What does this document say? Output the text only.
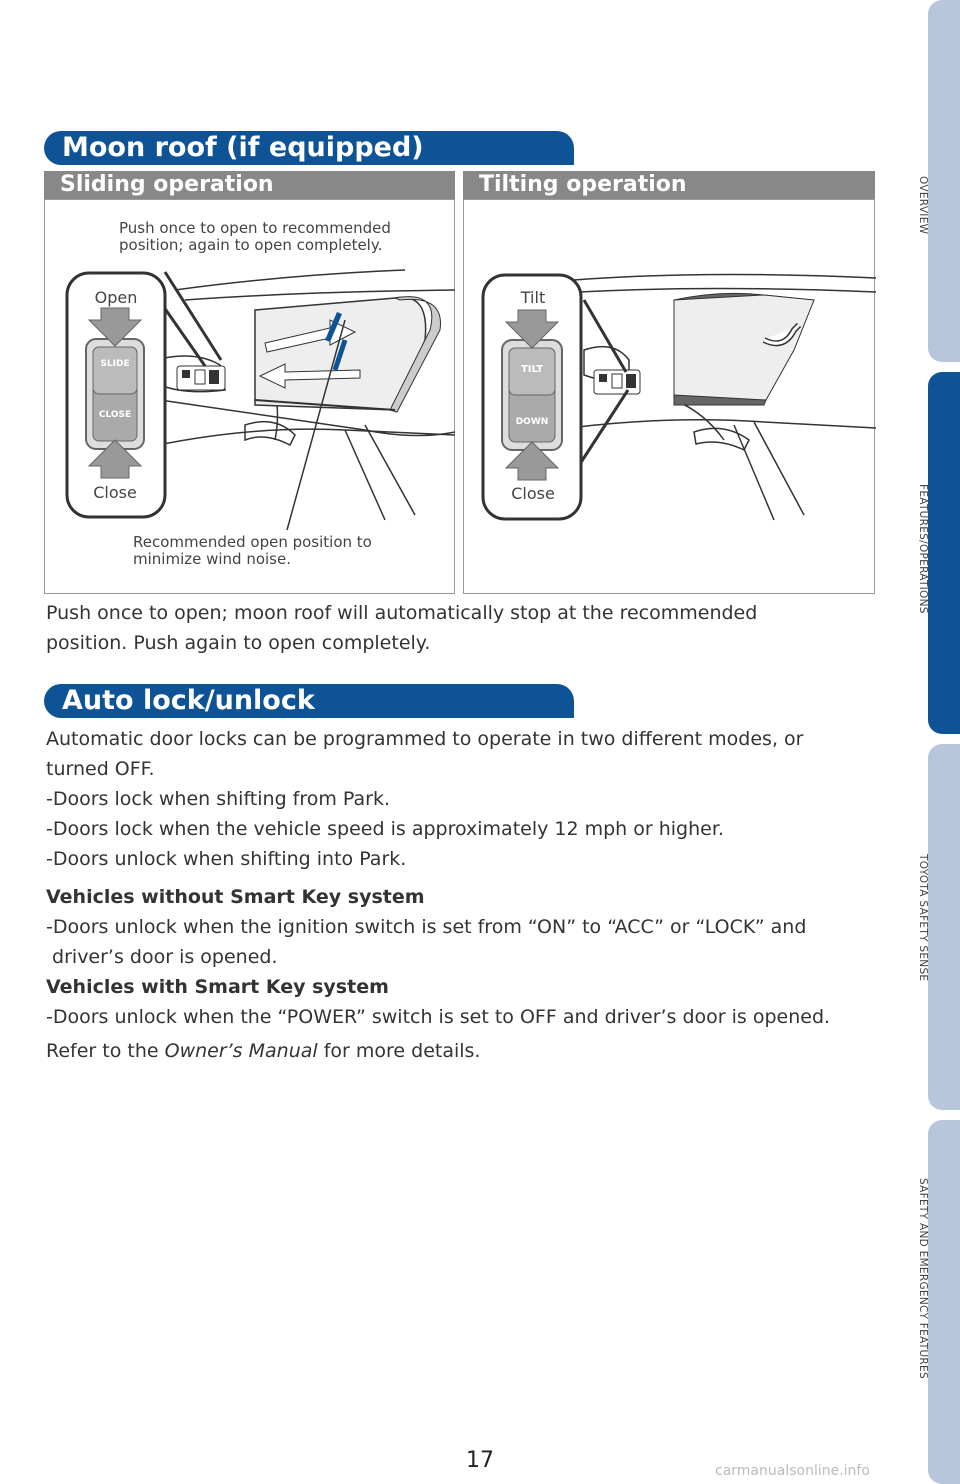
Moon roof (if equipped)
Sliding operation	Tilting operation
SLIDE
CLOSE
Open
Close
Push once to open to recommended
position; again to open completely.
Recommended open position to
minimize wind noise.
TILT
DOWN
Tilt
Close
Push once to open; moon roof will automatically stop at the recommended
position. Push again to open completely.
Auto lock/unlock
Automatic door locks can be programmed to operate in two different modes, or
turned OFF.
-Doors lock when shifting from Park.
-Doors lock when the vehicle speed is approximately 12 mph or higher.
-Doors unlock when shifting into Park.
Vehicles without Smart Key system
-Doors unlock when the ignition switch is set from “ON” to “ACC” or “LOCK” and
driver’s door is opened.
Vehicles with Smart Key system
-Doors unlock when the “POWER” switch is set to OFF and driver’s door is opened.
Refer to the Owner’s Manual for more details.
OVERVIEW
FEATURES/OPERATIONS
TOYOTA SAFETY SENSE
SAFETY AND EMERGENCY FEATURES
17	carmanualsonline.info
